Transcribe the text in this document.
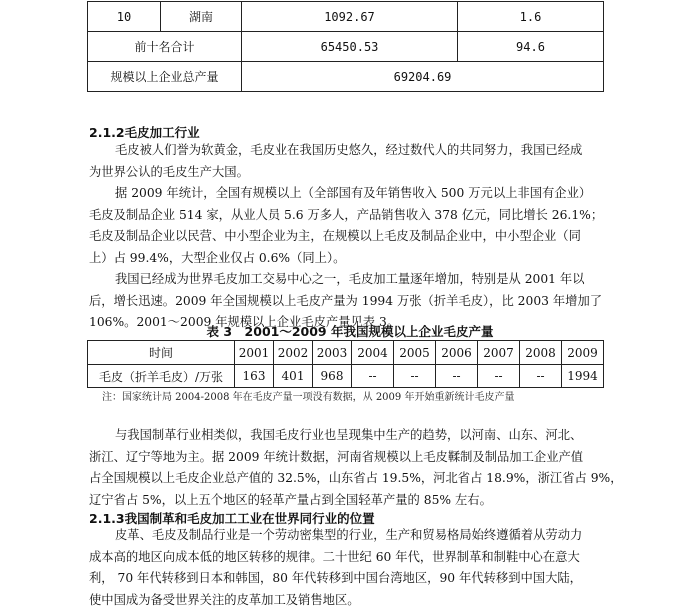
10	湖南	1092.67	1.6
前十名合计		65450.53	94.6
规模以上企业总产量		69204.69	
2.1.2毛皮加工行业
毛皮被人们誉为软黄金，毛皮业在我国历史悠久，经过数代人的共同努力，我国已经成
为世界公认的毛皮生产大国。
据 2009 年统计，全国有规模以上（全部国有及年销售收入 500 万元以上非国有企业）
毛皮及制品企业 514 家，从业人员 5.6 万多人，产品销售收入 378 亿元，同比增长 26.1%；
毛皮及制品企业以民营、中小型企业为主，在规模以上毛皮及制品企业中，中小型企业（同
上）占 99.4%，大型企业仅占 0.6%（同上）。
我国已经成为世界毛皮加工交易中心之一，毛皮加工量逐年增加，特别是从 2001 年以
后，增长迅速。2009 年全国规模以上毛皮产量为 1994 万张（折羊毛皮），比 2003 年增加了
106%。2001～2009 年规模以上企业毛皮产量见表 3。
表 3　2001～2009 年我国规模以上企业毛皮产量
时间	2001	2002	2003	2004	2005	2006	2007	2008	2009
毛皮（折羊毛皮）/万张	163	401	968	--	--	--	--	--	1994
注：国家统计局 2004-2008 年在毛皮产量一项没有数据，从 2009 年开始重新统计毛皮产量
与我国制革行业相类似，我国毛皮行业也呈现集中生产的趋势，以河南、山东、河北、
浙江、辽宁等地为主。据 2009 年统计数据，河南省规模以上毛皮鞣制及制品加工企业产值
占全国规模以上毛皮企业总产值的 32.5%，山东省占 19.5%，河北省占 18.9%，浙江省占 9%，
辽宁省占 5%，以上五个地区的轻革产量占到全国轻革产量的 85% 左右。
2.1.3我国制革和毛皮加工工业在世界同行业的位置
皮革、毛皮及制品行业是一个劳动密集型的行业，生产和贸易格局始终遵循着从劳动力
成本高的地区向成本低的地区转移的规律。二十世纪 60 年代，世界制革和制鞋中心在意大
利， 70 年代转移到日本和韩国，80 年代转移到中国台湾地区，90 年代转移到中国大陆，
使中国成为备受世界关注的皮革加工及销售地区。
